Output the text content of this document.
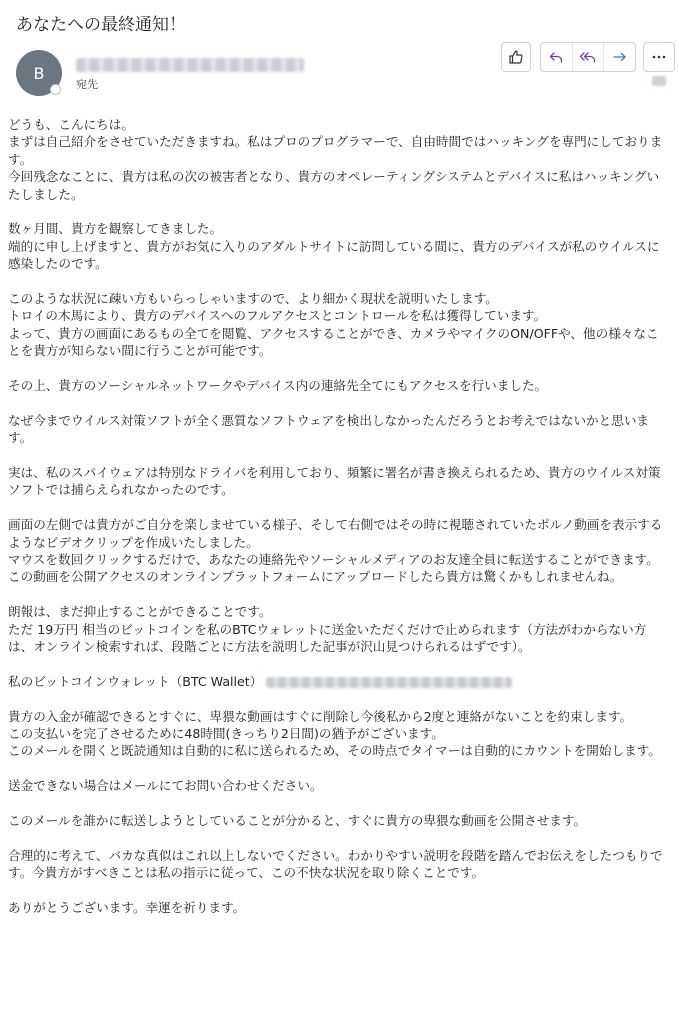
あなたへの最終通知！
B
宛先

どうも、こんにちは。
まずは自己紹介をさせていただきますね。私はプロのプログラマーで、自由時間ではハッキングを専門にしております。
今回残念なことに、貴方は私の次の被害者となり、貴方のオペレーティングシステムとデバイスに私はハッキングいたしました。

数ヶ月間、貴方を観察してきました。
端的に申し上げますと、貴方がお気に入りのアダルトサイトに訪問している間に、貴方のデバイスが私のウイルスに感染したのです。

このような状況に疎い方もいらっしゃいますので、より細かく現状を説明いたします。
トロイの木馬により、貴方のデバイスへのフルアクセスとコントロールを私は獲得しています。
よって、貴方の画面にあるもの全てを閲覧、アクセスすることができ、カメラやマイクのON/OFFや、他の様々なことを貴方が知らない間に行うことが可能です。

その上、貴方のソーシャルネットワークやデバイス内の連絡先全てにもアクセスを行いました。

なぜ今までウイルス対策ソフトが全く悪質なソフトウェアを検出しなかったんだろうとお考えではないかと思います。

実は、私のスパイウェアは特別なドライバを利用しており、頻繁に署名が書き換えられるため、貴方のウイルス対策ソフトでは捕らえられなかったのです。

画面の左側では貴方がご自分を楽しませている様子、そして右側ではその時に視聴されていたポルノ動画を表示するようなビデオクリップを作成いたしました。
マウスを数回クリックするだけで、あなたの連絡先やソーシャルメディアのお友達全員に転送することができます。
この動画を公開アクセスのオンラインプラットフォームにアップロードしたら貴方は驚くかもしれませんね。

朗報は、まだ抑止することができることです。
ただ 19万円 相当のビットコインを私のBTCウォレットに送金いただくだけで止められます（方法がわからない方は、オンライン検索すれば、段階ごとに方法を説明した記事が沢山見つけられるはずです）。

私のビットコインウォレット（BTC Wallet）

貴方の入金が確認できるとすぐに、卑猥な動画はすぐに削除し今後私から2度と連絡がないことを約束します。
この支払いを完了させるために48時間(きっちり2日間)の猶予がございます。
このメールを開くと既読通知は自動的に私に送られるため、その時点でタイマーは自動的にカウントを開始します。

送金できない場合はメールにてお問い合わせください。

このメールを誰かに転送しようとしていることが分かると、すぐに貴方の卑猥な動画を公開させます。

合理的に考えて、バカな真似はこれ以上しないでください。わかりやすい説明を段階を踏んでお伝えをしたつもりです。今貴方がすべきことは私の指示に従って、この不快な状況を取り除くことです。

ありがとうございます。幸運を祈ります。
